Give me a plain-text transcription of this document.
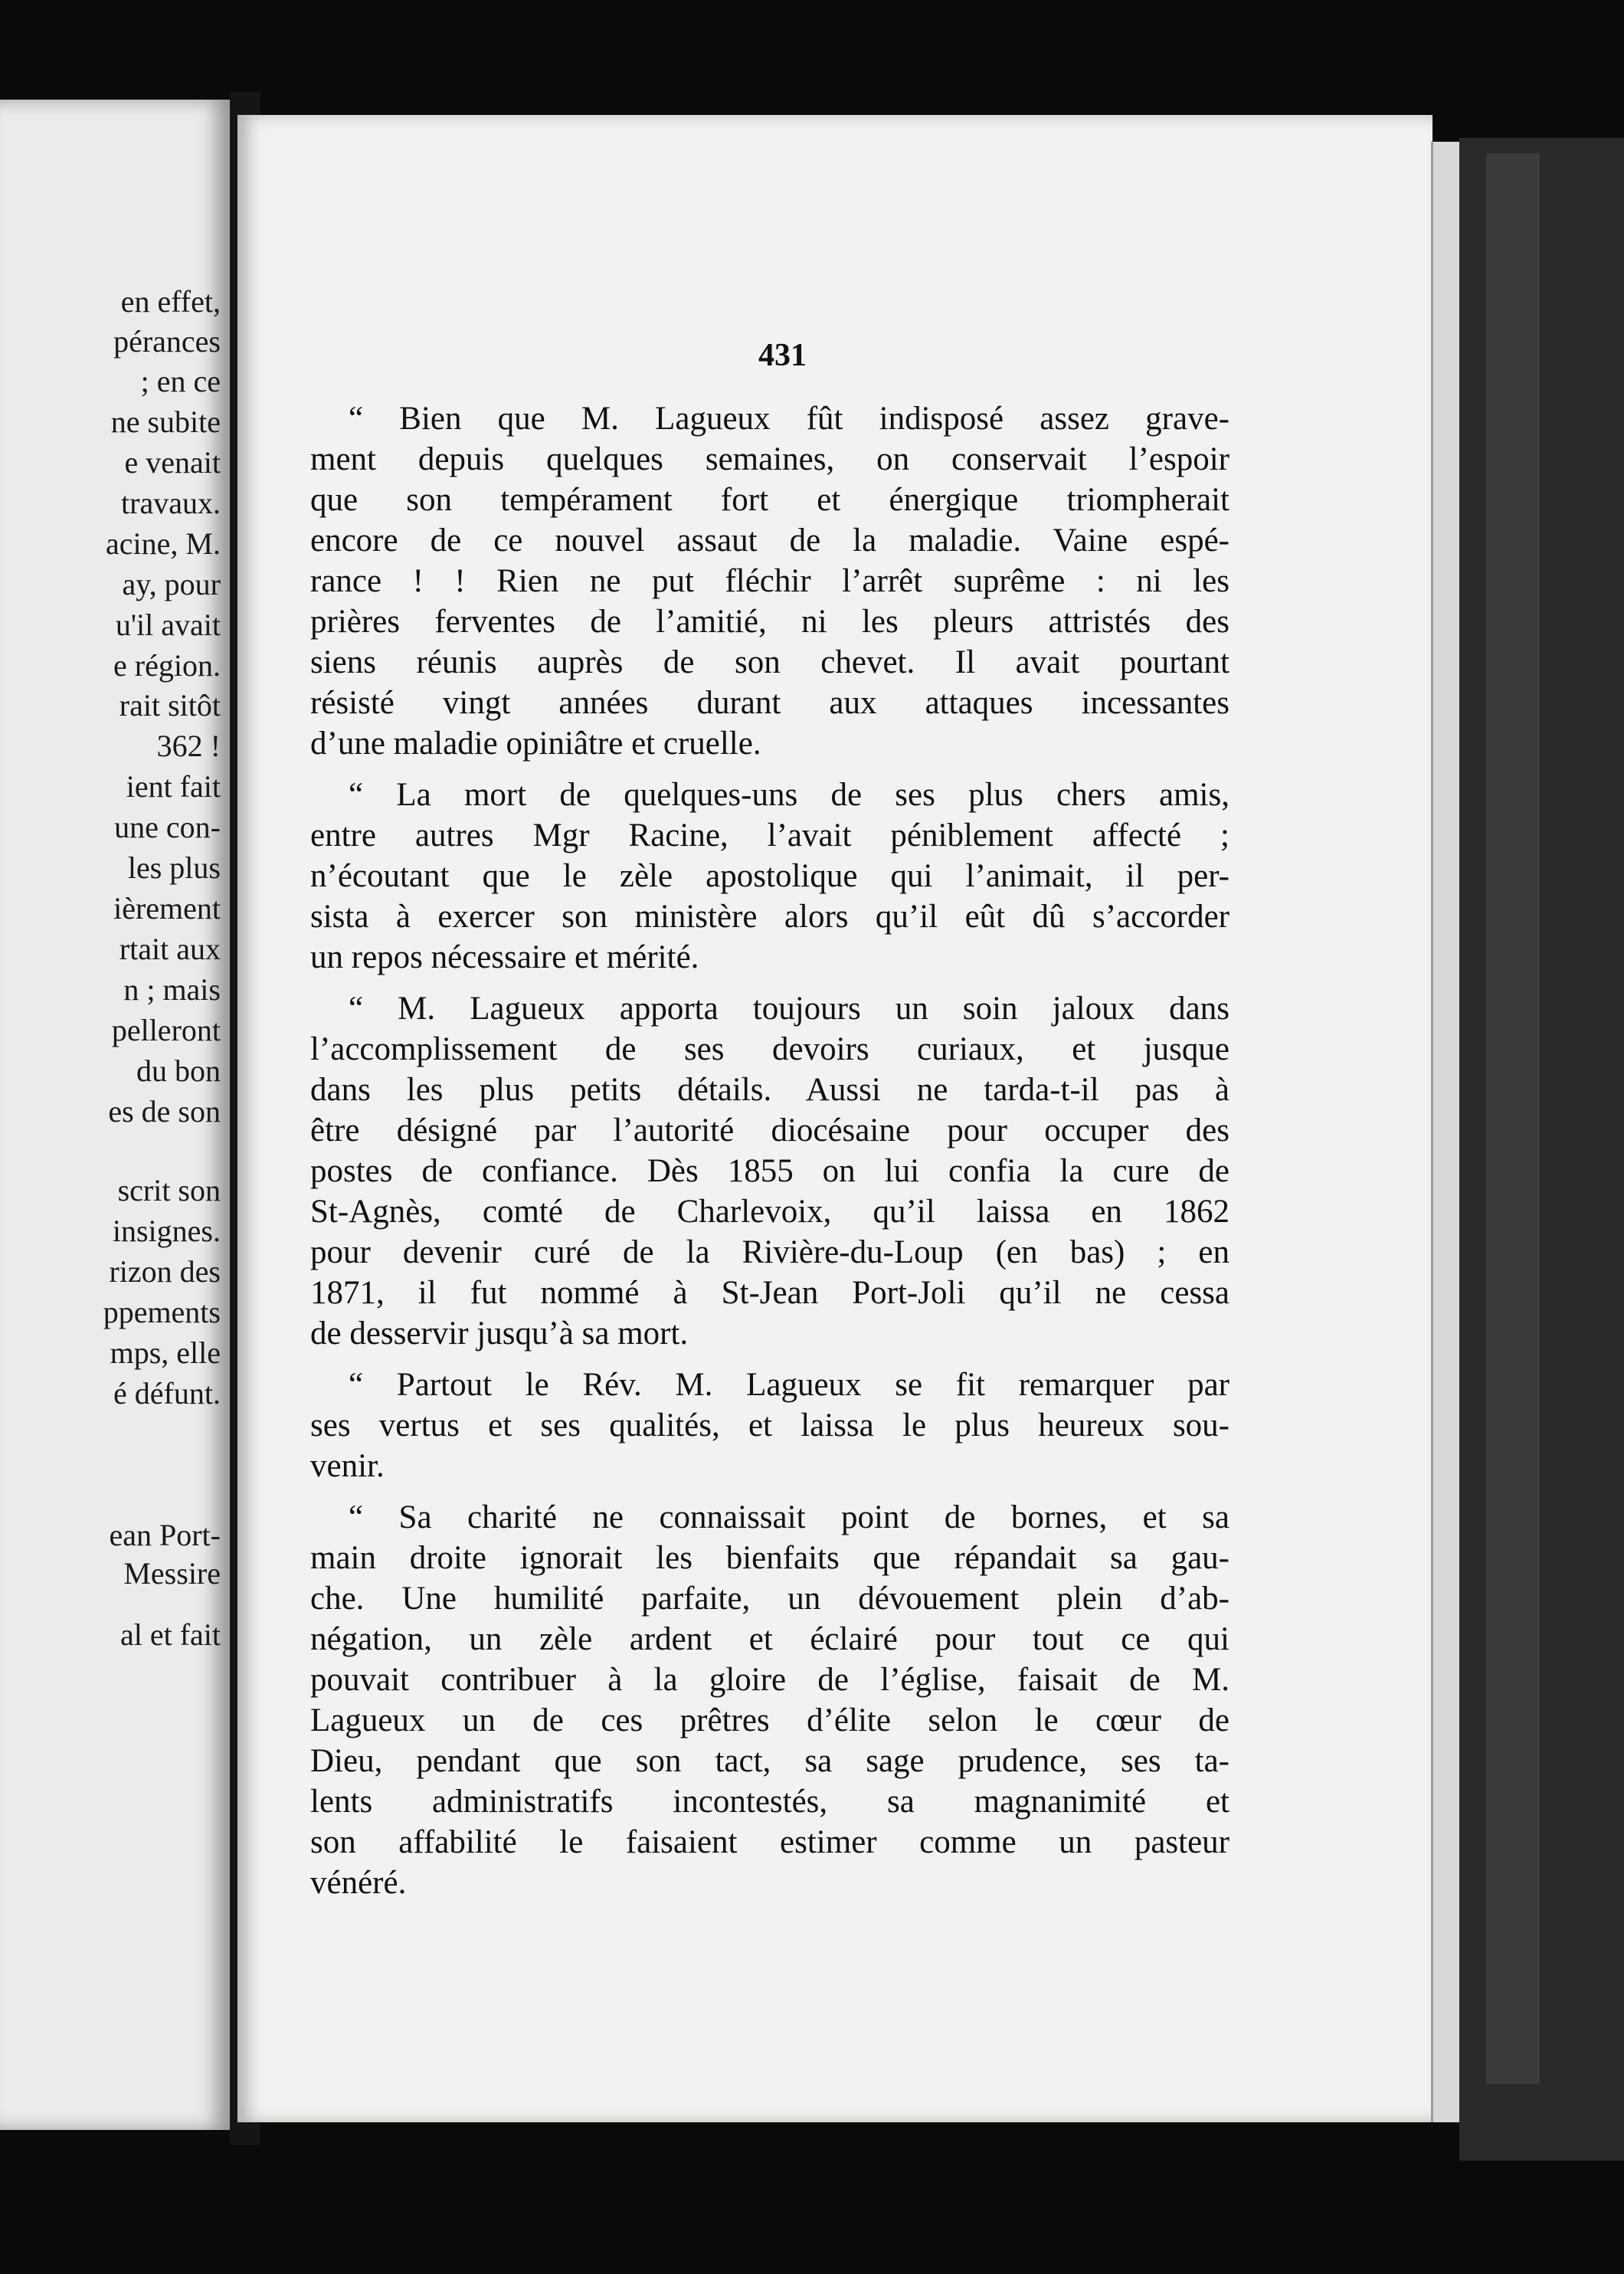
en effet,
pérances
; en ce
ne subite
e venait
travaux.
acine, M.
ay, pour
u'il avait
e région.
rait sitôt
362 !
ient fait
une con-
les plus
ièrement
rtait aux
n ; mais
pelleront
du bon
es de son
scrit son
insignes.
rizon des
ppements
mps, elle
é défunt.
ean Port-
Messire
al et fait
431
“ Bien que M. Lagueux fût indisposé assez grave-
ment depuis quelques semaines, on conservait l’espoir
que son tempérament fort et énergique triompherait
encore de ce nouvel assaut de la maladie. Vaine espé-
rance ! ! Rien ne put fléchir l’arrêt suprême : ni les
prières ferventes de l’amitié, ni les pleurs attristés des
siens réunis auprès de son chevet. Il avait pourtant
résisté vingt années durant aux attaques incessantes
d’une maladie opiniâtre et cruelle.
“ La mort de quelques-uns de ses plus chers amis,
entre autres Mgr Racine, l’avait péniblement affecté ;
n’écoutant que le zèle apostolique qui l’animait, il per-
sista à exercer son ministère alors qu’il eût dû s’accorder
un repos nécessaire et mérité.
“ M. Lagueux apporta toujours un soin jaloux dans
l’accomplissement de ses devoirs curiaux, et jusque
dans les plus petits détails. Aussi ne tarda-t-il pas à
être désigné par l’autorité diocésaine pour occuper des
postes de confiance. Dès 1855 on lui confia la cure de
St-Agnès, comté de Charlevoix, qu’il laissa en 1862
pour devenir curé de la Rivière-du-Loup (en bas) ; en
1871, il fut nommé à St-Jean Port-Joli qu’il ne cessa
de desservir jusqu’à sa mort.
“ Partout le Rév. M. Lagueux se fit remarquer par
ses vertus et ses qualités, et laissa le plus heureux sou-
venir.
“ Sa charité ne connaissait point de bornes, et sa
main droite ignorait les bienfaits que répandait sa gau-
che. Une humilité parfaite, un dévouement plein d’ab-
négation, un zèle ardent et éclairé pour tout ce qui
pouvait contribuer à la gloire de l’église, faisait de M.
Lagueux un de ces prêtres d’élite selon le cœur de
Dieu, pendant que son tact, sa sage prudence, ses ta-
lents administratifs incontestés, sa magnanimité et
son affabilité le faisaient estimer comme un pasteur
vénéré.
